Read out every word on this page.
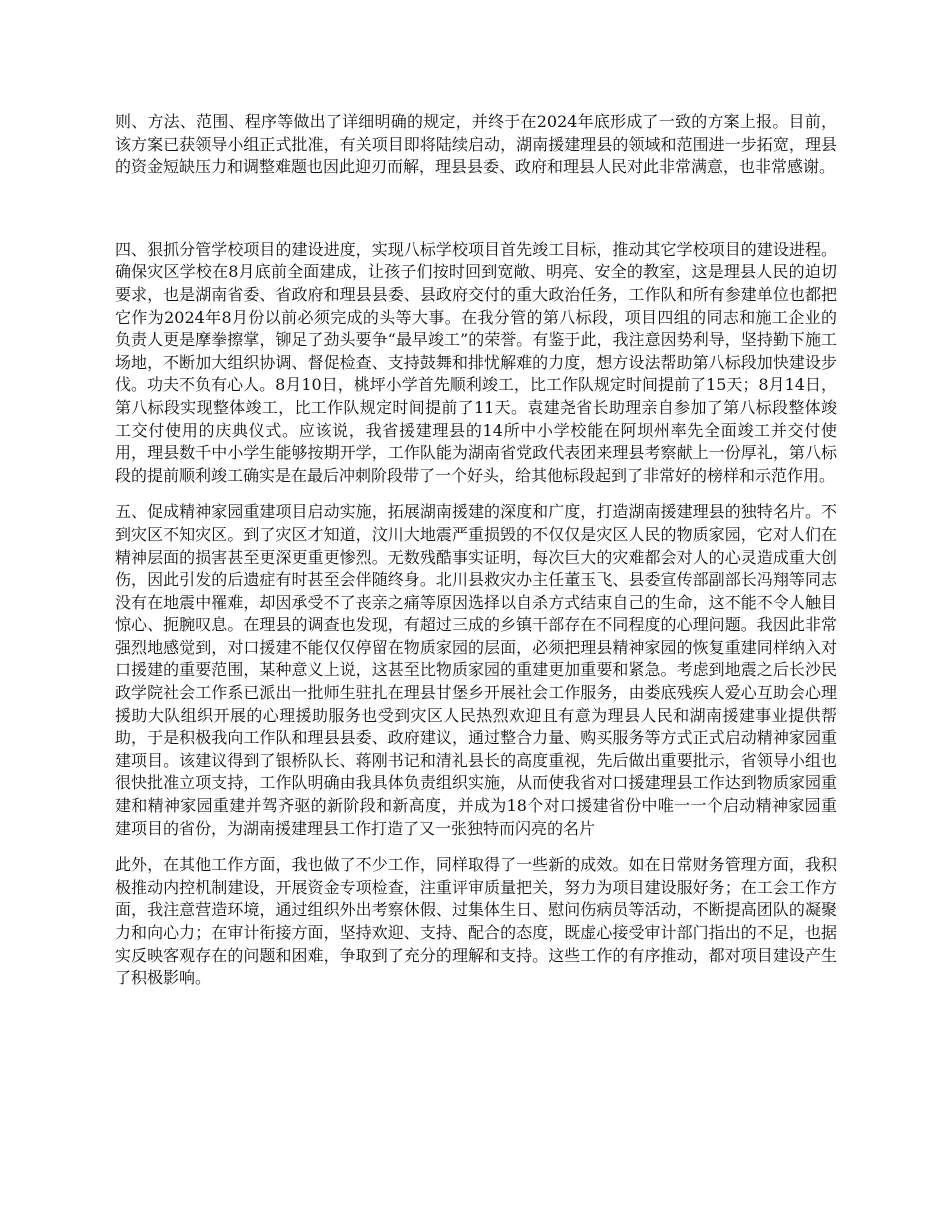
则、方法、范围、程序等做出了详细明确的规定，并终于在2024年底形成了一致的方案上报。目前，该方案已获领导小组正式批准，有关项目即将陆续启动，湖南援建理县的领域和范围进一步拓宽，理县的资金短缺压力和调整难题也因此迎刃而解，理县县委、政府和理县人民对此非常满意，也非常感谢。

四、狠抓分管学校项目的建设进度，实现八标学校项目首先竣工目标，推动其它学校项目的建设进程。确保灾区学校在8月底前全面建成，让孩子们按时回到宽敞、明亮、安全的教室，这是理县人民的迫切要求，也是湖南省委、省政府和理县县委、县政府交付的重大政治任务，工作队和所有参建单位也都把它作为2024年8月份以前必须完成的头等大事。在我分管的第八标段，项目四组的同志和施工企业的负责人更是摩拳擦掌，铆足了劲头要争“最早竣工”的荣誉。有鉴于此，我注意因势利导，坚持勤下施工场地，不断加大组织协调、督促检查、支持鼓舞和排忧解难的力度，想方设法帮助第八标段加快建设步伐。功夫不负有心人。8月10日，桃坪小学首先顺利竣工，比工作队规定时间提前了15天；8月14日，第八标段实现整体竣工，比工作队规定时间提前了11天。袁建尧省长助理亲自参加了第八标段整体竣工交付使用的庆典仪式。应该说，我省援建理县的14所中小学校能在阿坝州率先全面竣工并交付使用，理县数千中小学生能够按期开学，工作队能为湖南省党政代表团来理县考察献上一份厚礼，第八标段的提前顺利竣工确实是在最后冲刺阶段带了一个好头，给其他标段起到了非常好的榜样和示范作用。

五、促成精神家园重建项目启动实施，拓展湖南援建的深度和广度，打造湖南援建理县的独特名片。不到灾区不知灾区。到了灾区才知道，汶川大地震严重损毁的不仅仅是灾区人民的物质家园，它对人们在精神层面的损害甚至更深更重更惨烈。无数残酷事实证明，每次巨大的灾难都会对人的心灵造成重大创伤，因此引发的后遗症有时甚至会伴随终身。北川县救灾办主任董玉飞、县委宣传部副部长冯翔等同志没有在地震中罹难，却因承受不了丧亲之痛等原因选择以自杀方式结束自己的生命，这不能不令人触目惊心、扼腕叹息。在理县的调查也发现，有超过三成的乡镇干部存在不同程度的心理问题。我因此非常强烈地感觉到，对口援建不能仅仅停留在物质家园的层面，必须把理县精神家园的恢复重建同样纳入对口援建的重要范围，某种意义上说，这甚至比物质家园的重建更加重要和紧急。考虑到地震之后长沙民政学院社会工作系已派出一批师生驻扎在理县甘堡乡开展社会工作服务，由娄底残疾人爱心互助会心理援助大队组织开展的心理援助服务也受到灾区人民热烈欢迎且有意为理县人民和湖南援建事业提供帮助，于是积极我向工作队和理县县委、政府建议，通过整合力量、购买服务等方式正式启动精神家园重建项目。该建议得到了银桥队长、蒋刚书记和清礼县长的高度重视，先后做出重要批示，省领导小组也很快批准立项支持，工作队明确由我具体负责组织实施，从而使我省对口援建理县工作达到物质家园重建和精神家园重建并驾齐驱的新阶段和新高度，并成为18个对口援建省份中唯一一个启动精神家园重建项目的省份，为湖南援建理县工作打造了又一张独特而闪亮的名片

此外，在其他工作方面，我也做了不少工作，同样取得了一些新的成效。如在日常财务管理方面，我积极推动内控机制建设，开展资金专项检查，注重评审质量把关，努力为项目建设服好务；在工会工作方面，我注意营造环境，通过组织外出考察休假、过集体生日、慰问伤病员等活动，不断提高团队的凝聚力和向心力；在审计衔接方面，坚持欢迎、支持、配合的态度，既虚心接受审计部门指出的不足，也据实反映客观存在的问题和困难，争取到了充分的理解和支持。这些工作的有序推动，都对项目建设产生了积极影响。
